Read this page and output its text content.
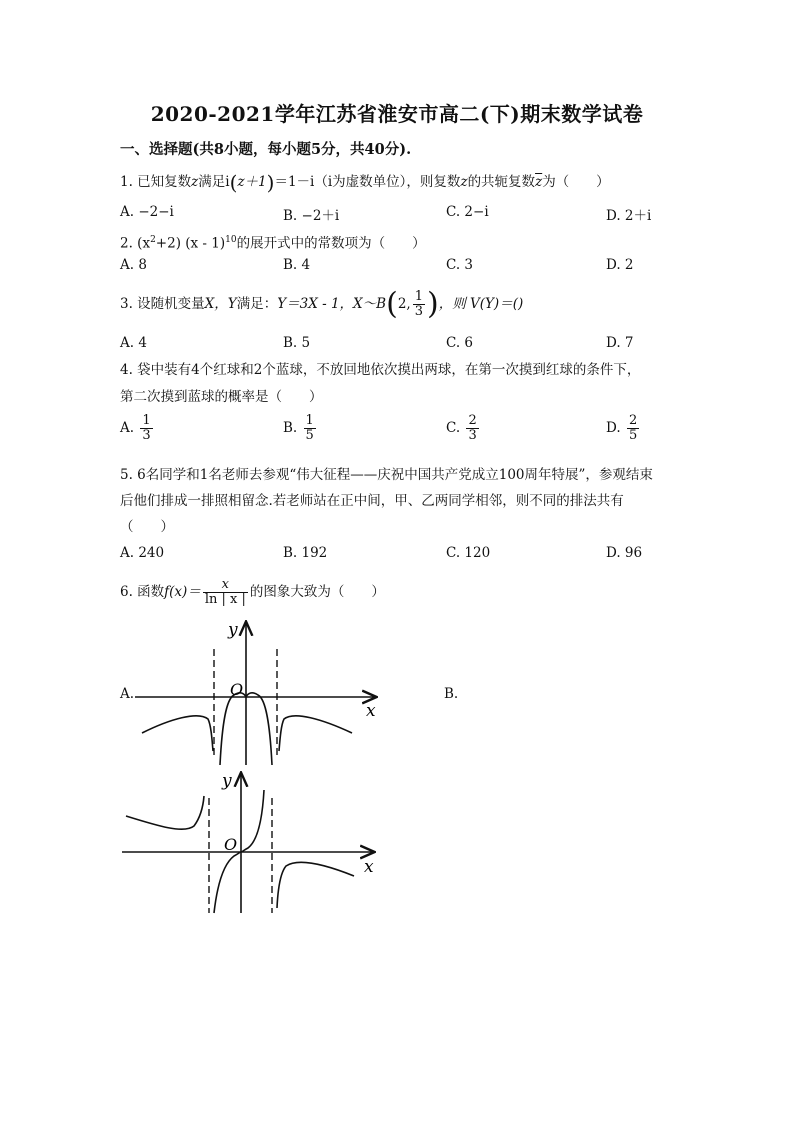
2020-2021学年江苏省淮安市高二(下)期末数学试卷
一、选择题(共8小题，每小题5分，共40分).
1. 已知复数z满足i(z＋1)＝1－i（i为虚数单位），则复数z的共轭复数$\overline{z}$为（　　）
A. −2−i	B. −2＋i	C. 2−i	D. 2＋i
2. $(x^2+2)$ (x - 1)$^{10}$的展开式中的常数项为（　　）
A. 8	B. 4	C. 3	D. 2
3. 设随机变量X，Y满足：Y＝3X - 1，X～B(2, $\frac{1}{3}$ )，则 V(Y)＝()
A. 4	B. 5	C. 6	D. 7
4. 袋中装有4个红球和2个蓝球，不放回地依次摸出两球，在第一次摸到红球的条件下，
第二次摸到蓝球的概率是（　　）
A. $\frac{1}{3}$	B. $\frac{1}{5}$	C. $\frac{2}{3}$	D. $\frac{2}{5}$
5. 6名同学和1名老师去参观“伟大征程——庆祝中国共产党成立100周年特展”，参观结束
后他们排成一排照相留念.若老师站在正中间，甲、乙两同学相邻，则不同的排法共有
（　　）
A. 240	B. 192	C. 120	D. 96
6. 函数$f(x)= \frac{x}{\ln | x |}$ 的图象大致为（　　）
A.	B.
y
x
O
y
x
O
